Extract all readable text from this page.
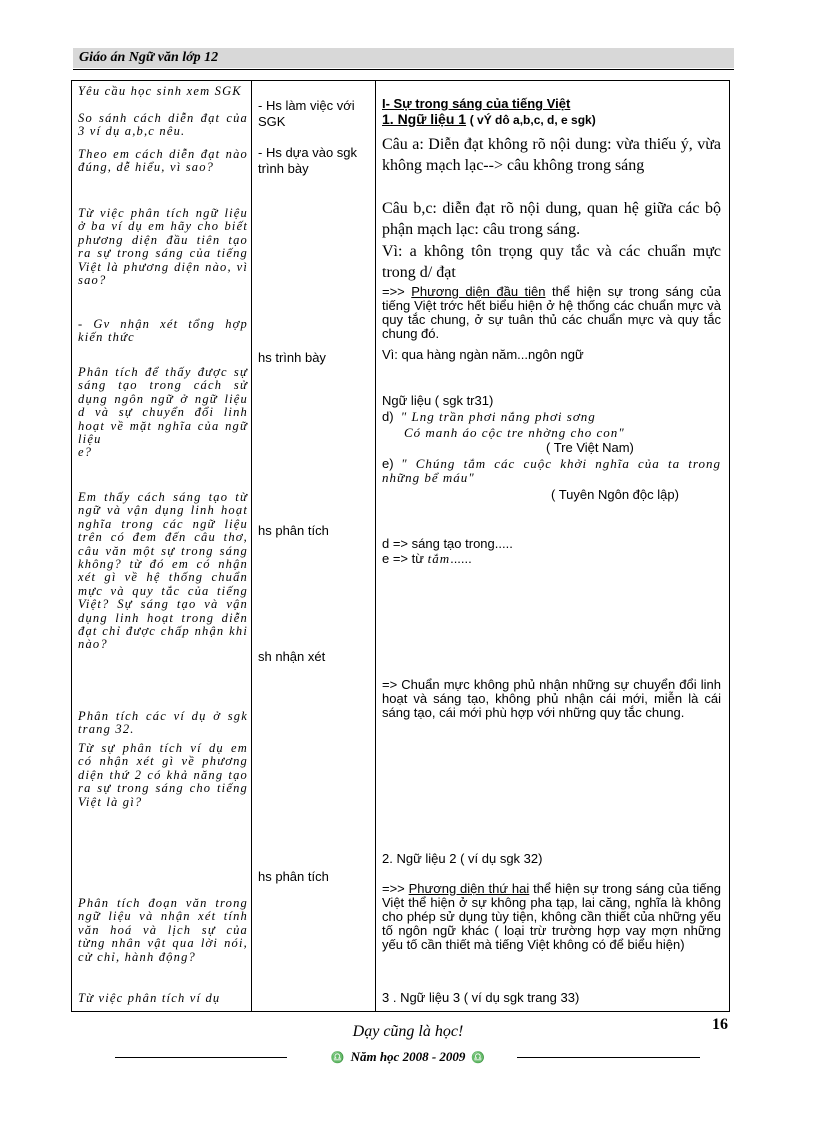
Giáo án Ngữ văn lớp 12
Yêu cầu học sinh xem SGK
So sánh cách diễn đạt của 3 ví dụ a,b,c nêu.
Theo em cách diễn đạt nào đúng, dễ hiểu, vì sao?
Từ việc phân tích ngữ liệu ở ba ví dụ em hãy cho biết phương diện đầu tiên tạo ra sự trong sáng của tiếng Việt là phương diện nào, vì sao?
- Gv nhận xét tổng hợp kiến thức
Phân tích để thấy được sự sáng tạo trong cách sử dụng ngôn ngữ ở ngữ liệu d và sự chuyển đổi linh hoạt về mặt nghĩa của ngữ liệu
e?
Em thấy cách sáng tạo từ ngữ và vận dụng linh hoạt nghĩa trong các ngữ liệu trên có đem đến câu thơ, câu văn một sự trong sáng không? từ đó em có nhận xét gì về hệ thống chuẩn mực và quy tắc của tiếng Việt? Sự sáng tạo và vận dụng linh hoạt trong diễn đạt chỉ được chấp nhận khi nào?
Phân tích các ví dụ ở sgk trang 32.
Từ sự phân tích ví dụ em có nhận xét gì về phương diện thứ 2 có khả năng tạo ra sự trong sáng cho tiếng Việt là gì?
Phân tích đoạn văn trong ngữ liệu và nhận xét tính văn hoá và lịch sự của từng nhân vật qua lời nói, cử chỉ, hành động?
Từ việc phân tích ví dụ
- Hs làm việc với SGK
- Hs dựa vào sgk trình bày
hs trình bày
hs phân tích
sh nhận xét
hs phân tích
I- Sự trong sáng của tiếng Việt
1. Ngữ liệu 1 ( vÝ dô a,b,c, d, e sgk)
Câu a: Diễn đạt không rõ nội dung: vừa thiếu ý, vừa không mạch lạc--> câu không trong sáng
Câu b,c: diễn đạt rõ nội dung, quan hệ giữa các bộ phận mạch lạc: câu trong sáng.
Vì: a không tôn trọng quy tắc và các chuẩn mực trong d/ đạt
=>> Phương diện đầu tiên thể hiện sự trong sáng của tiếng Việt trớc hết biểu hiện ở hệ thống các chuẩn mực và quy tắc chung, ở sự tuân thủ các chuẩn mực và quy tắc chung đó.
Vì: qua hàng ngàn năm...ngôn ngữ
Ngữ liệu ( sgk tr31)
d) " Lng trần phơi nắng phơi sơng
Có manh áo cộc tre nhờng cho con"
( Tre Việt Nam)
e) " Chúng tắm các cuộc khởi nghĩa của ta trong những bể máu"
( Tuyên Ngôn độc lập)
d => sáng tạo trong.....
e => từ tắm......
=> Chuẩn mực không phủ nhận những sự chuyển đổi linh hoạt và sáng tạo, không phủ nhận cái mới, miễn là cái sáng tạo, cái mới phù hợp với những quy tắc chung.
2. Ngữ liệu 2 ( ví dụ sgk 32)
=>> Phương diện thứ hai thể hiện sự trong sáng của tiếng Việt thể hiện ở sự không pha tạp, lai căng, nghĩa là không cho phép sử dụng tùy tiện, không cần thiết của những yếu tố ngôn ngữ khác ( loại trừ trường hợp vay mợn những yếu tố cần thiết mà tiếng Việt không có để biểu hiện)
3 . Ngữ liệu 3 ( ví dụ sgk trang 33)
16
Dạy cũng là học!
♎ Năm học 2008 - 2009 ♎
